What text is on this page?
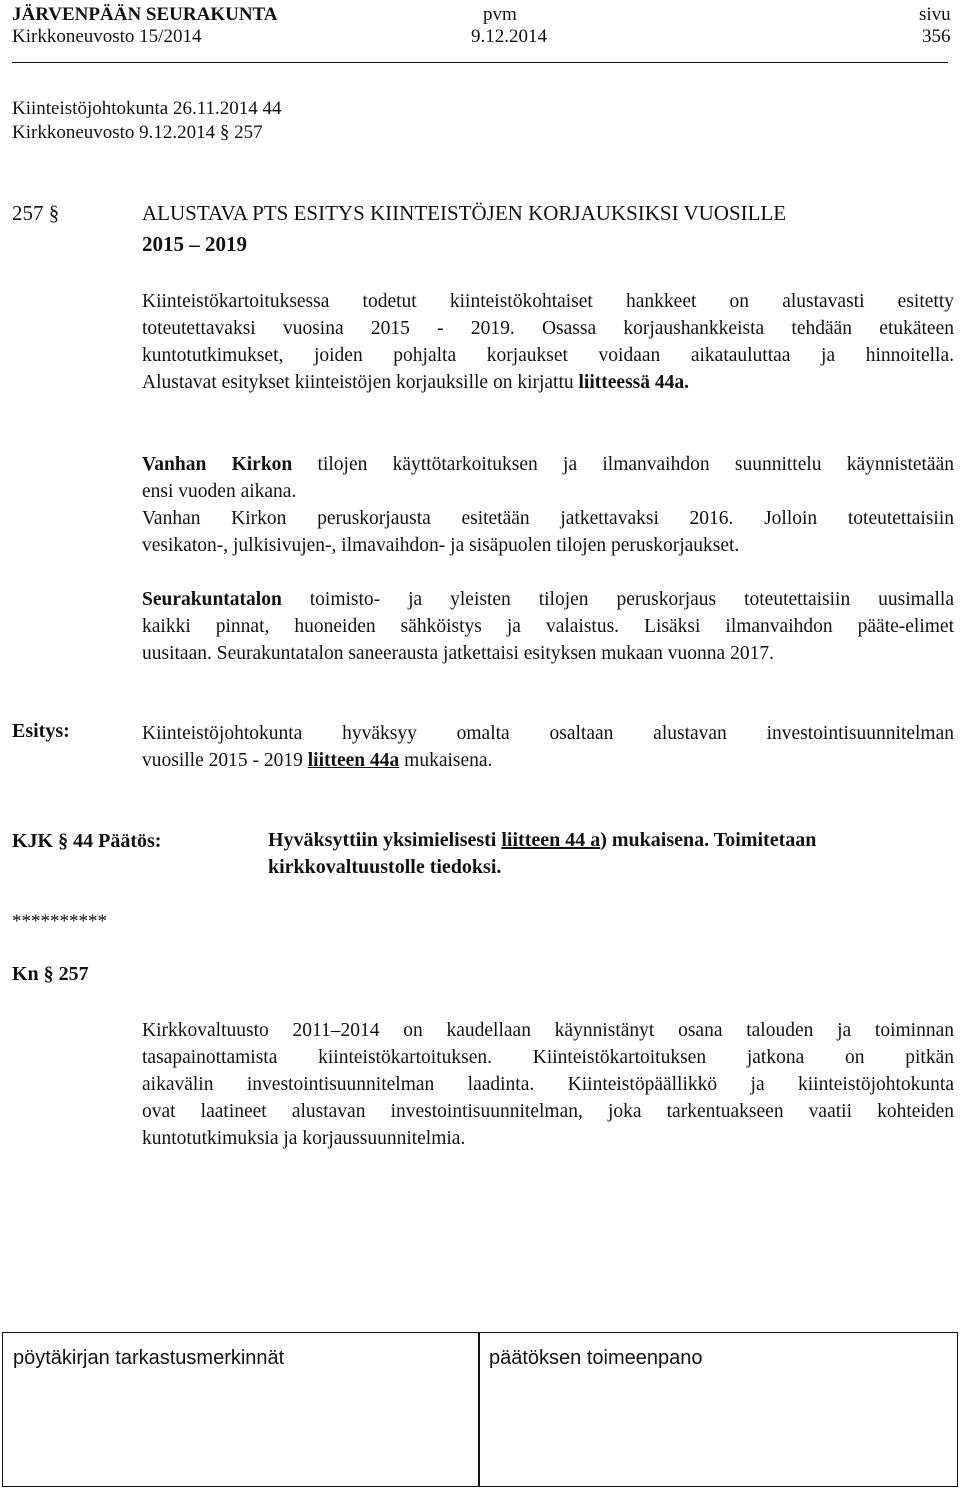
JÄRVENPÄÄN SEURAKUNTA	pvm	sivu
Kirkkoneuvosto 15/2014	9.12.2014	356
Kiinteistöjohtokunta 26.11.2014 44
Kirkkoneuvosto 9.12.2014 § 257
257 §	ALUSTAVA PTS ESITYS KIINTEISTÖJEN KORJAUKSIKSI VUOSILLE
2015 – 2019

Kiinteistökartoituksessa todetut kiinteistökohtaiset hankkeet on alustavasti esitetty

toteutettavaksi vuosina 2015 - 2019. Osassa korjaushankkeista tehdään etukäteen

kuntotutkimukset, joiden pohjalta korjaukset voidaan aikatauluttaa ja hinnoitella.

Alustavat esitykset kiinteistöjen korjauksille on kirjattu liitteessä 44a.

Vanhan Kirkon tilojen käyttötarkoituksen ja ilmanvaihdon suunnittelu käynnistetään

ensi vuoden aikana.

Vanhan Kirkon peruskorjausta esitetään jatkettavaksi 2016. Jolloin toteutettaisiin

vesikaton-, julkisivujen-, ilmavaihdon- ja sisäpuolen tilojen peruskorjaukset.

Seurakuntatalon toimisto- ja yleisten tilojen peruskorjaus toteutettaisiin uusimalla

kaikki pinnat, huoneiden sähköistys ja valaistus. Lisäksi ilmanvaihdon pääte-elimet

uusitaan. Seurakuntatalon saneerausta jatkettaisi esityksen mukaan vuonna 2017.

Esitys:	Kiinteistöjohtokunta hyväksyy omalta osaltaan alustavan investointisuunnitelman

vuosille 2015 - 2019 liitteen 44a mukaisena.

KJK § 44 Päätös:	Hyväksyttiin yksimielisesti liitteen 44 a) mukaisena. Toimitetaan

kirkkovaltuustolle tiedoksi.

**********
Kn § 257

Kirkkovaltuusto 2011–2014 on kaudellaan käynnistänyt osana talouden ja toiminnan

tasapainottamista kiinteistökartoituksen. Kiinteistökartoituksen jatkona on pitkän

aikavälin investointisuunnitelman laadinta. Kiinteistöpäällikkö ja kiinteistöjohtokunta

ovat laatineet alustavan investointisuunnitelman, joka tarkentuakseen vaatii kohteiden

kuntotutkimuksia ja korjaussuunnitelmia.

pöytäkirjan tarkastusmerkinnät	päätöksen toimeenpano
